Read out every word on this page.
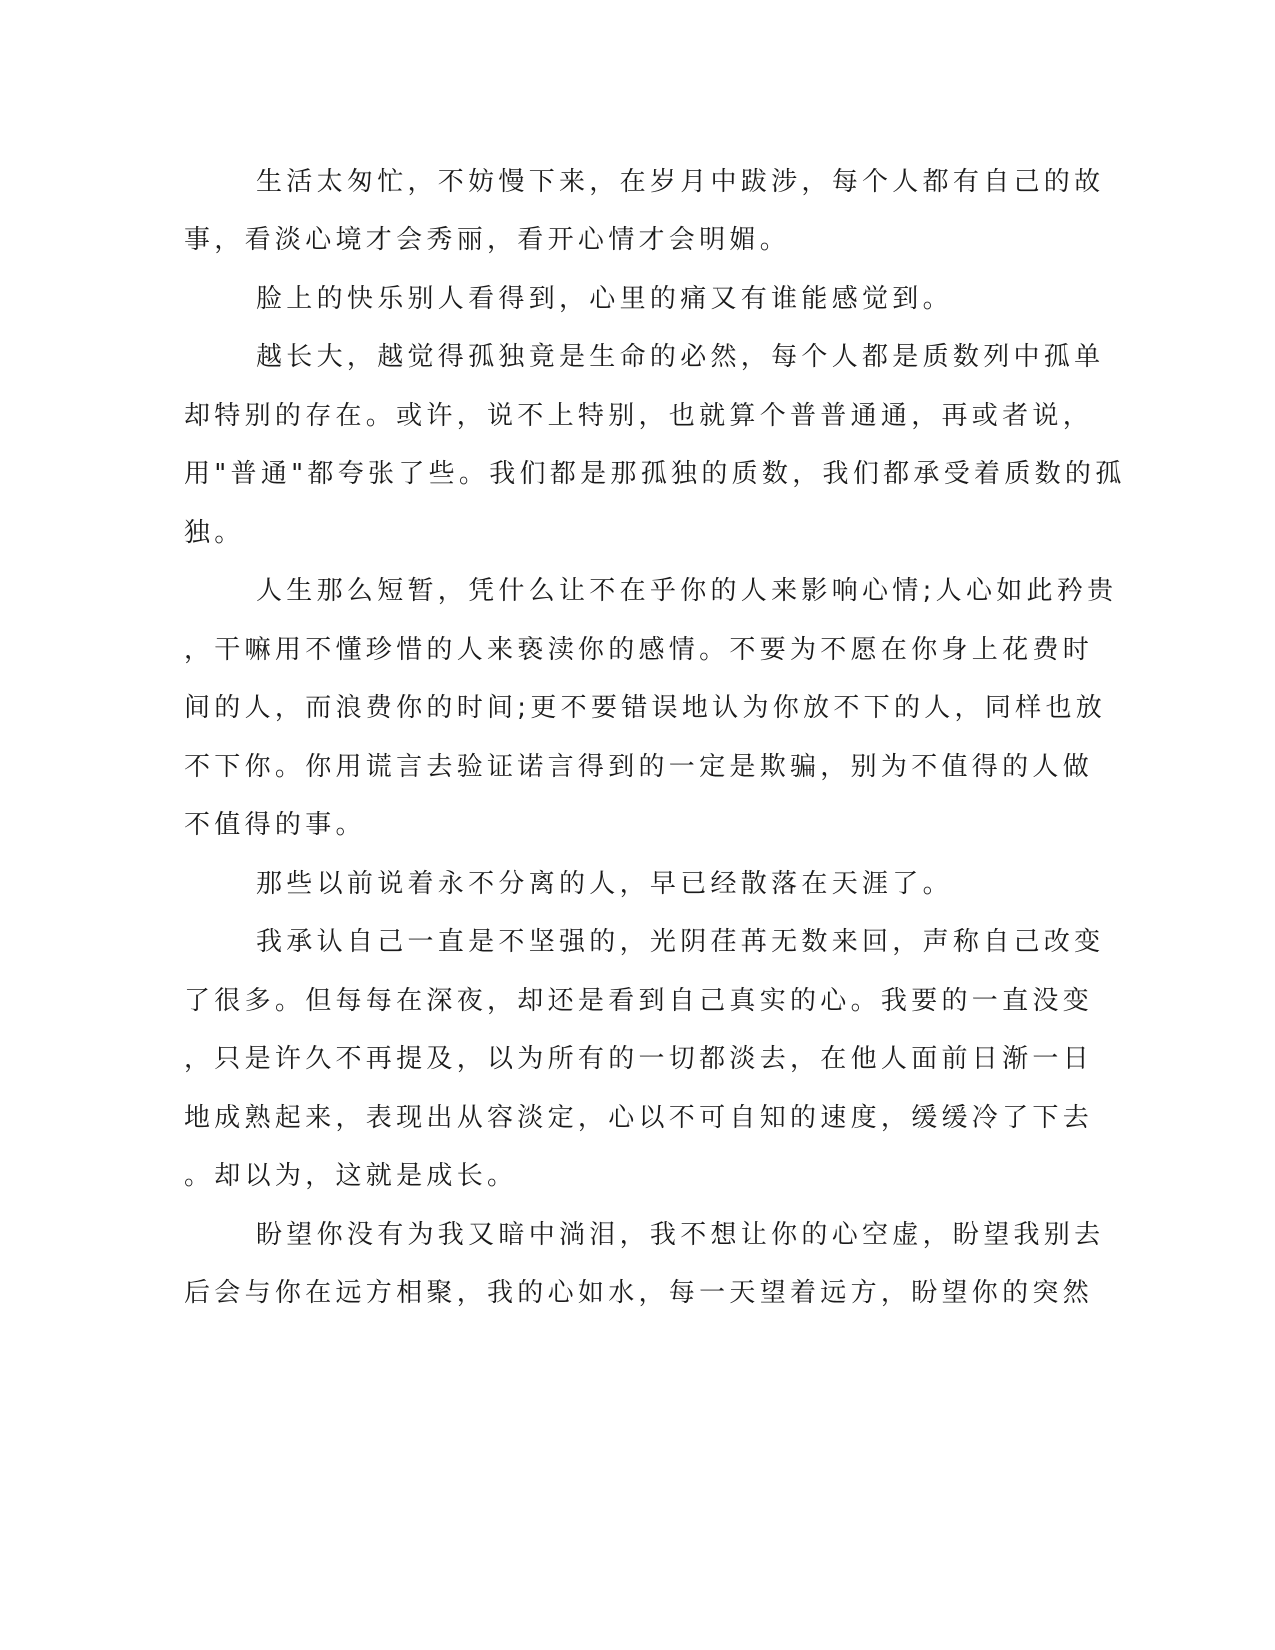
生活太匆忙，不妨慢下来，在岁月中跋涉，每个人都有自己的故
事，看淡心境才会秀丽，看开心情才会明媚。
脸上的快乐别人看得到，心里的痛又有谁能感觉到。
越长大，越觉得孤独竟是生命的必然，每个人都是质数列中孤单
却特别的存在。或许，说不上特别，也就算个普普通通，再或者说，
用"普通"都夸张了些。我们都是那孤独的质数，我们都承受着质数的孤
独。
人生那么短暂，凭什么让不在乎你的人来影响心情;人心如此矜贵
，干嘛用不懂珍惜的人来亵渎你的感情。不要为不愿在你身上花费时
间的人，而浪费你的时间;更不要错误地认为你放不下的人，同样也放
不下你。你用谎言去验证诺言得到的一定是欺骗，别为不值得的人做
不值得的事。
那些以前说着永不分离的人，早已经散落在天涯了。
我承认自己一直是不坚强的，光阴荏苒无数来回，声称自己改变
了很多。但每每在深夜，却还是看到自己真实的心。我要的一直没变
，只是许久不再提及，以为所有的一切都淡去，在他人面前日渐一日
地成熟起来，表现出从容淡定，心以不可自知的速度，缓缓冷了下去
。却以为，这就是成长。
盼望你没有为我又暗中淌泪，我不想让你的心空虚，盼望我别去
后会与你在远方相聚，我的心如水，每一天望着远方，盼望你的突然
